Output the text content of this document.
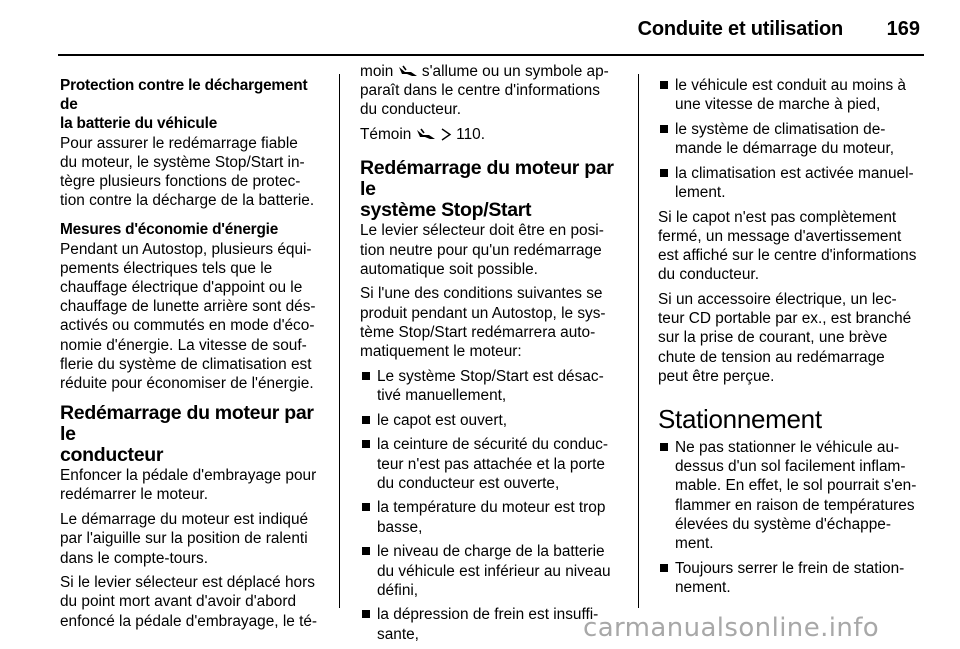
Conduite et utilisation 169
Protection contre le déchargement de
la batterie du véhicule

Pour assurer le redémarrage fiable
du moteur, le système Stop/Start in-
tègre plusieurs fonctions de protec-
tion contre la décharge de la batterie.

Mesures d'économie d'énergie

Pendant un Autostop, plusieurs équi-
pements électriques tels que le
chauffage électrique d'appoint ou le
chauffage de lunette arrière sont dés-
activés ou commutés en mode d'éco-
nomie d'énergie. La vitesse de souf-
flerie du système de climatisation est
réduite pour économiser de l'énergie.

Redémarrage du moteur par le
conducteur

Enfoncer la pédale d'embrayage pour
redémarrer le moteur.

Le démarrage du moteur est indiqué
par l'aiguille sur la position de ralenti
dans le compte-tours.

Si le levier sélecteur est déplacé hors
du point mort avant d'avoir d'abord
enfoncé la pédale d'embrayage, le té-

moin  s'allume ou un symbole ap-
paraît dans le centre d'informations
du conducteur.

Témoin	110.

Redémarrage du moteur par le
système Stop/Start

Le levier sélecteur doit être en posi-
tion neutre pour qu'un redémarrage
automatique soit possible.

Si l'une des conditions suivantes se
produit pendant un Autostop, le sys-
tème Stop/Start redémarrera auto-
matiquement le moteur:

Le système Stop/Start est désac-
tivé manuellement,
le capot est ouvert,
la ceinture de sécurité du conduc-
teur n'est pas attachée et la porte
du conducteur est ouverte,
la température du moteur est trop
basse,
le niveau de charge de la batterie
du véhicule est inférieur au niveau
défini,
la dépression de frein est insuffi-
sante,
le véhicule est conduit au moins à
une vitesse de marche à pied,
le système de climatisation de-
mande le démarrage du moteur,
la climatisation est activée manuel-
lement.

Si le capot n'est pas complètement
fermé, un message d'avertissement
est affiché sur le centre d'informations
du conducteur.

Si un accessoire électrique, un lec-
teur CD portable par ex., est branché
sur la prise de courant, une brève
chute de tension au redémarrage
peut être perçue.

Stationnement
Ne pas stationner le véhicule au-
dessus d'un sol facilement inflam-
mable. En effet, le sol pourrait s'en-
flammer en raison de températures
élevées du système d'échappe-
ment.
Toujours serrer le frein de station-
nement.
carmanualsonline.info
